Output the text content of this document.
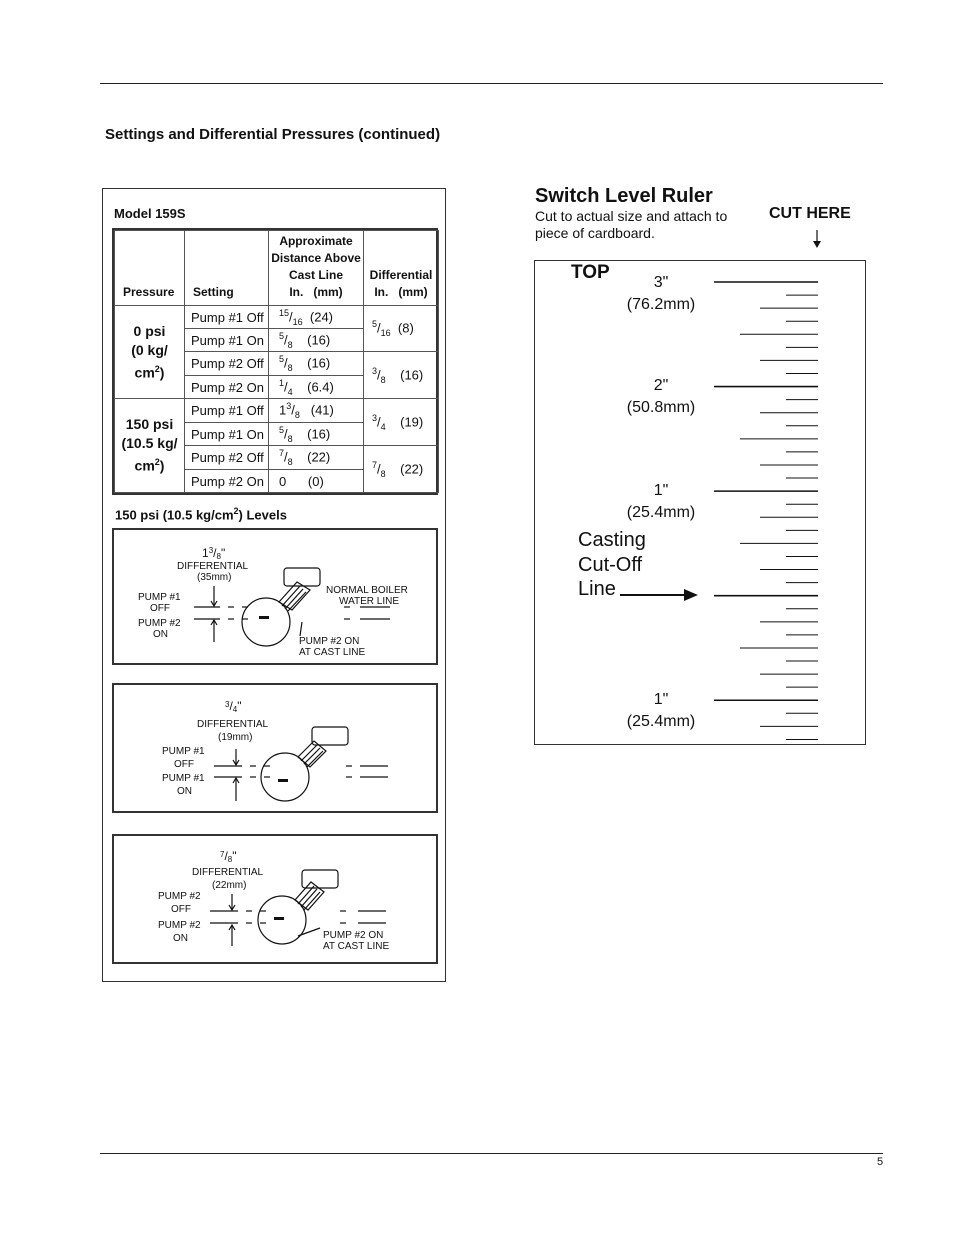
Settings and Differential Pressures (continued)
Model 159S
Pressure	Setting	Approximate
Distance Above
Cast Line
In.   (mm)	Differential
In.   (mm)
0 psi
(0 kg/
$cm^2$)	Pump #1 Off	$^{15}/_{16}$ (24)	$^5/_{16}$ (8)
	Pump #1 On	$^5/_8$ (16)	
	Pump #2 Off	$^5/_8$ (16)	$^3/_8$ (16)
	Pump #2 On	$^1/_4$ (6.4)	
150 psi
(10.5 kg/
$cm^2$)	Pump #1 Off	$1^3/_8$ (41)	$^3/_4$ (19)
	Pump #1 On	$^5/_8$ (16)	
	Pump #2 Off	$^7/_8$ (22)	$^7/_8$ (22)
	Pump #2 On	0 (0)	
150 psi (10.5 $kg/cm^2$) Levels
$1^3/8$"
DIFFERENTIAL
(35mm)
PUMP #1
OFF
PUMP #2
ON
NORMAL BOILER
WATER LINE
PUMP #2 ON
AT CAST LINE
$^3$/4"
DIFFERENTIAL
(19mm)
PUMP #1
OFF
PUMP #1
ON
$^7$/8"
DIFFERENTIAL
(22mm)
PUMP #2
OFF
PUMP #2
ON	PUMP #2 ON
AT CAST LINE
Switch Level Ruler
Cut to actual size and attach to piece of cardboard.
CUT HERE
TOP	3"
(76.2mm)
2"
(50.8mm)
1"
(25.4mm)
1"
(25.4mm)
Casting
Cut-Off
Line
5
